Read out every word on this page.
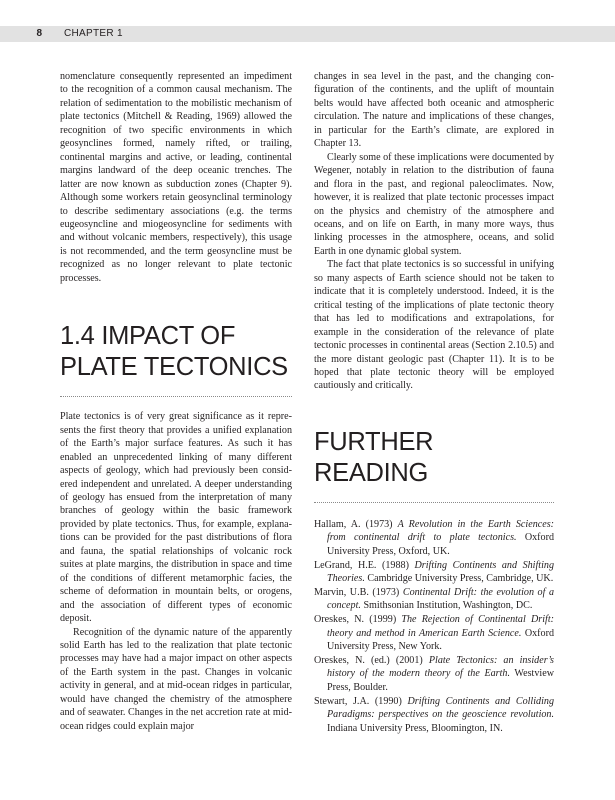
8	CHAPTER 1

nomenclature consequently represented an impediment to the recognition of a common causal mechanism. The relation of sedimentation to the mobilistic mechanism of plate tectonics (Mitchell & Reading, 1969) allowed the recognition of two specific environments in which geosynclines formed, namely rifted, or trailing, continental margins and active, or leading, continental margins landward of the deep oceanic trenches. The latter are now known as subduction zones (Chapter 9). Although some workers retain geosynclinal terminology to describe sedimentary associations (e.g. the terms eugeosyncline and miogeosyncline for sediments with and without volcanic members, respectively), this usage is not recommended, and the term geosyncline must be recognized as no longer relevant to plate tectonic processes.

1.4 IMPACT OF
PLATE TECTONICS

Plate tectonics is of very great significance as it represents the first theory that provides a unified explanation of the Earth’s major surface features. As such it has enabled an unprecedented linking of many different aspects of geology, which had previously been considered independent and unrelated. A deeper understanding of geology has ensued from the interpretation of many branches of geology within the basic framework provided by plate tectonics. Thus, for example, explanations can be provided for the past distributions of flora and fauna, the spatial relationships of volcanic rock suites at plate margins, the distribution in space and time of the conditions of different metamorphic facies, the scheme of deformation in mountain belts, or orogens, and the association of different types of economic deposit.

Recognition of the dynamic nature of the apparently solid Earth has led to the realization that plate tectonic processes may have had a major impact on other aspects of the Earth system in the past. Changes in volcanic activity in general, and at mid-ocean ridges in particular, would have changed the chemistry of the atmosphere and of seawater. Changes in the net accretion rate at mid-ocean ridges could explain major

changes in sea level in the past, and the changing configuration of the continents, and the uplift of mountain belts would have affected both oceanic and atmospheric circulation. The nature and implications of these changes, in particular for the Earth’s climate, are explored in Chapter 13.

Clearly some of these implications were documented by Wegener, notably in relation to the distribution of fauna and flora in the past, and regional paleoclimates. Now, however, it is realized that plate tectonic processes impact on the physics and chemistry of the atmosphere and oceans, and on life on Earth, in many more ways, thus linking processes in the atmosphere, oceans, and solid Earth in one dynamic global system.

The fact that plate tectonics is so successful in unifying so many aspects of Earth science should not be taken to indicate that it is completely understood. Indeed, it is the critical testing of the implications of plate tectonic theory that has led to modifications and extrapolations, for example in the consideration of the relevance of plate tectonic processes in continental areas (Section 2.10.5) and the more distant geologic past (Chapter 11). It is to be hoped that plate tectonic theory will be employed cautiously and critically.

FURTHER READING

Hallam, A. (1973) A Revolution in the Earth Sciences: from continental drift to plate tectonics. Oxford University Press, Oxford, UK.

LeGrand, H.E. (1988) Drifting Continents and Shifting Theories. Cambridge University Press, Cambridge, UK.

Marvin, U.B. (1973) Continental Drift: the evolution of a concept. Smithsonian Institution, Washington, DC.

Oreskes, N. (1999) The Rejection of Continental Drift: theory and method in American Earth Science. Oxford University Press, New York.

Oreskes, N. (ed.) (2001) Plate Tectonics: an insider’s history of the modern theory of the Earth. Westview Press, Boulder.

Stewart, J.A. (1990) Drifting Continents and Colliding Paradigms: perspectives on the geoscience revolution. Indiana University Press, Bloomington, IN.
